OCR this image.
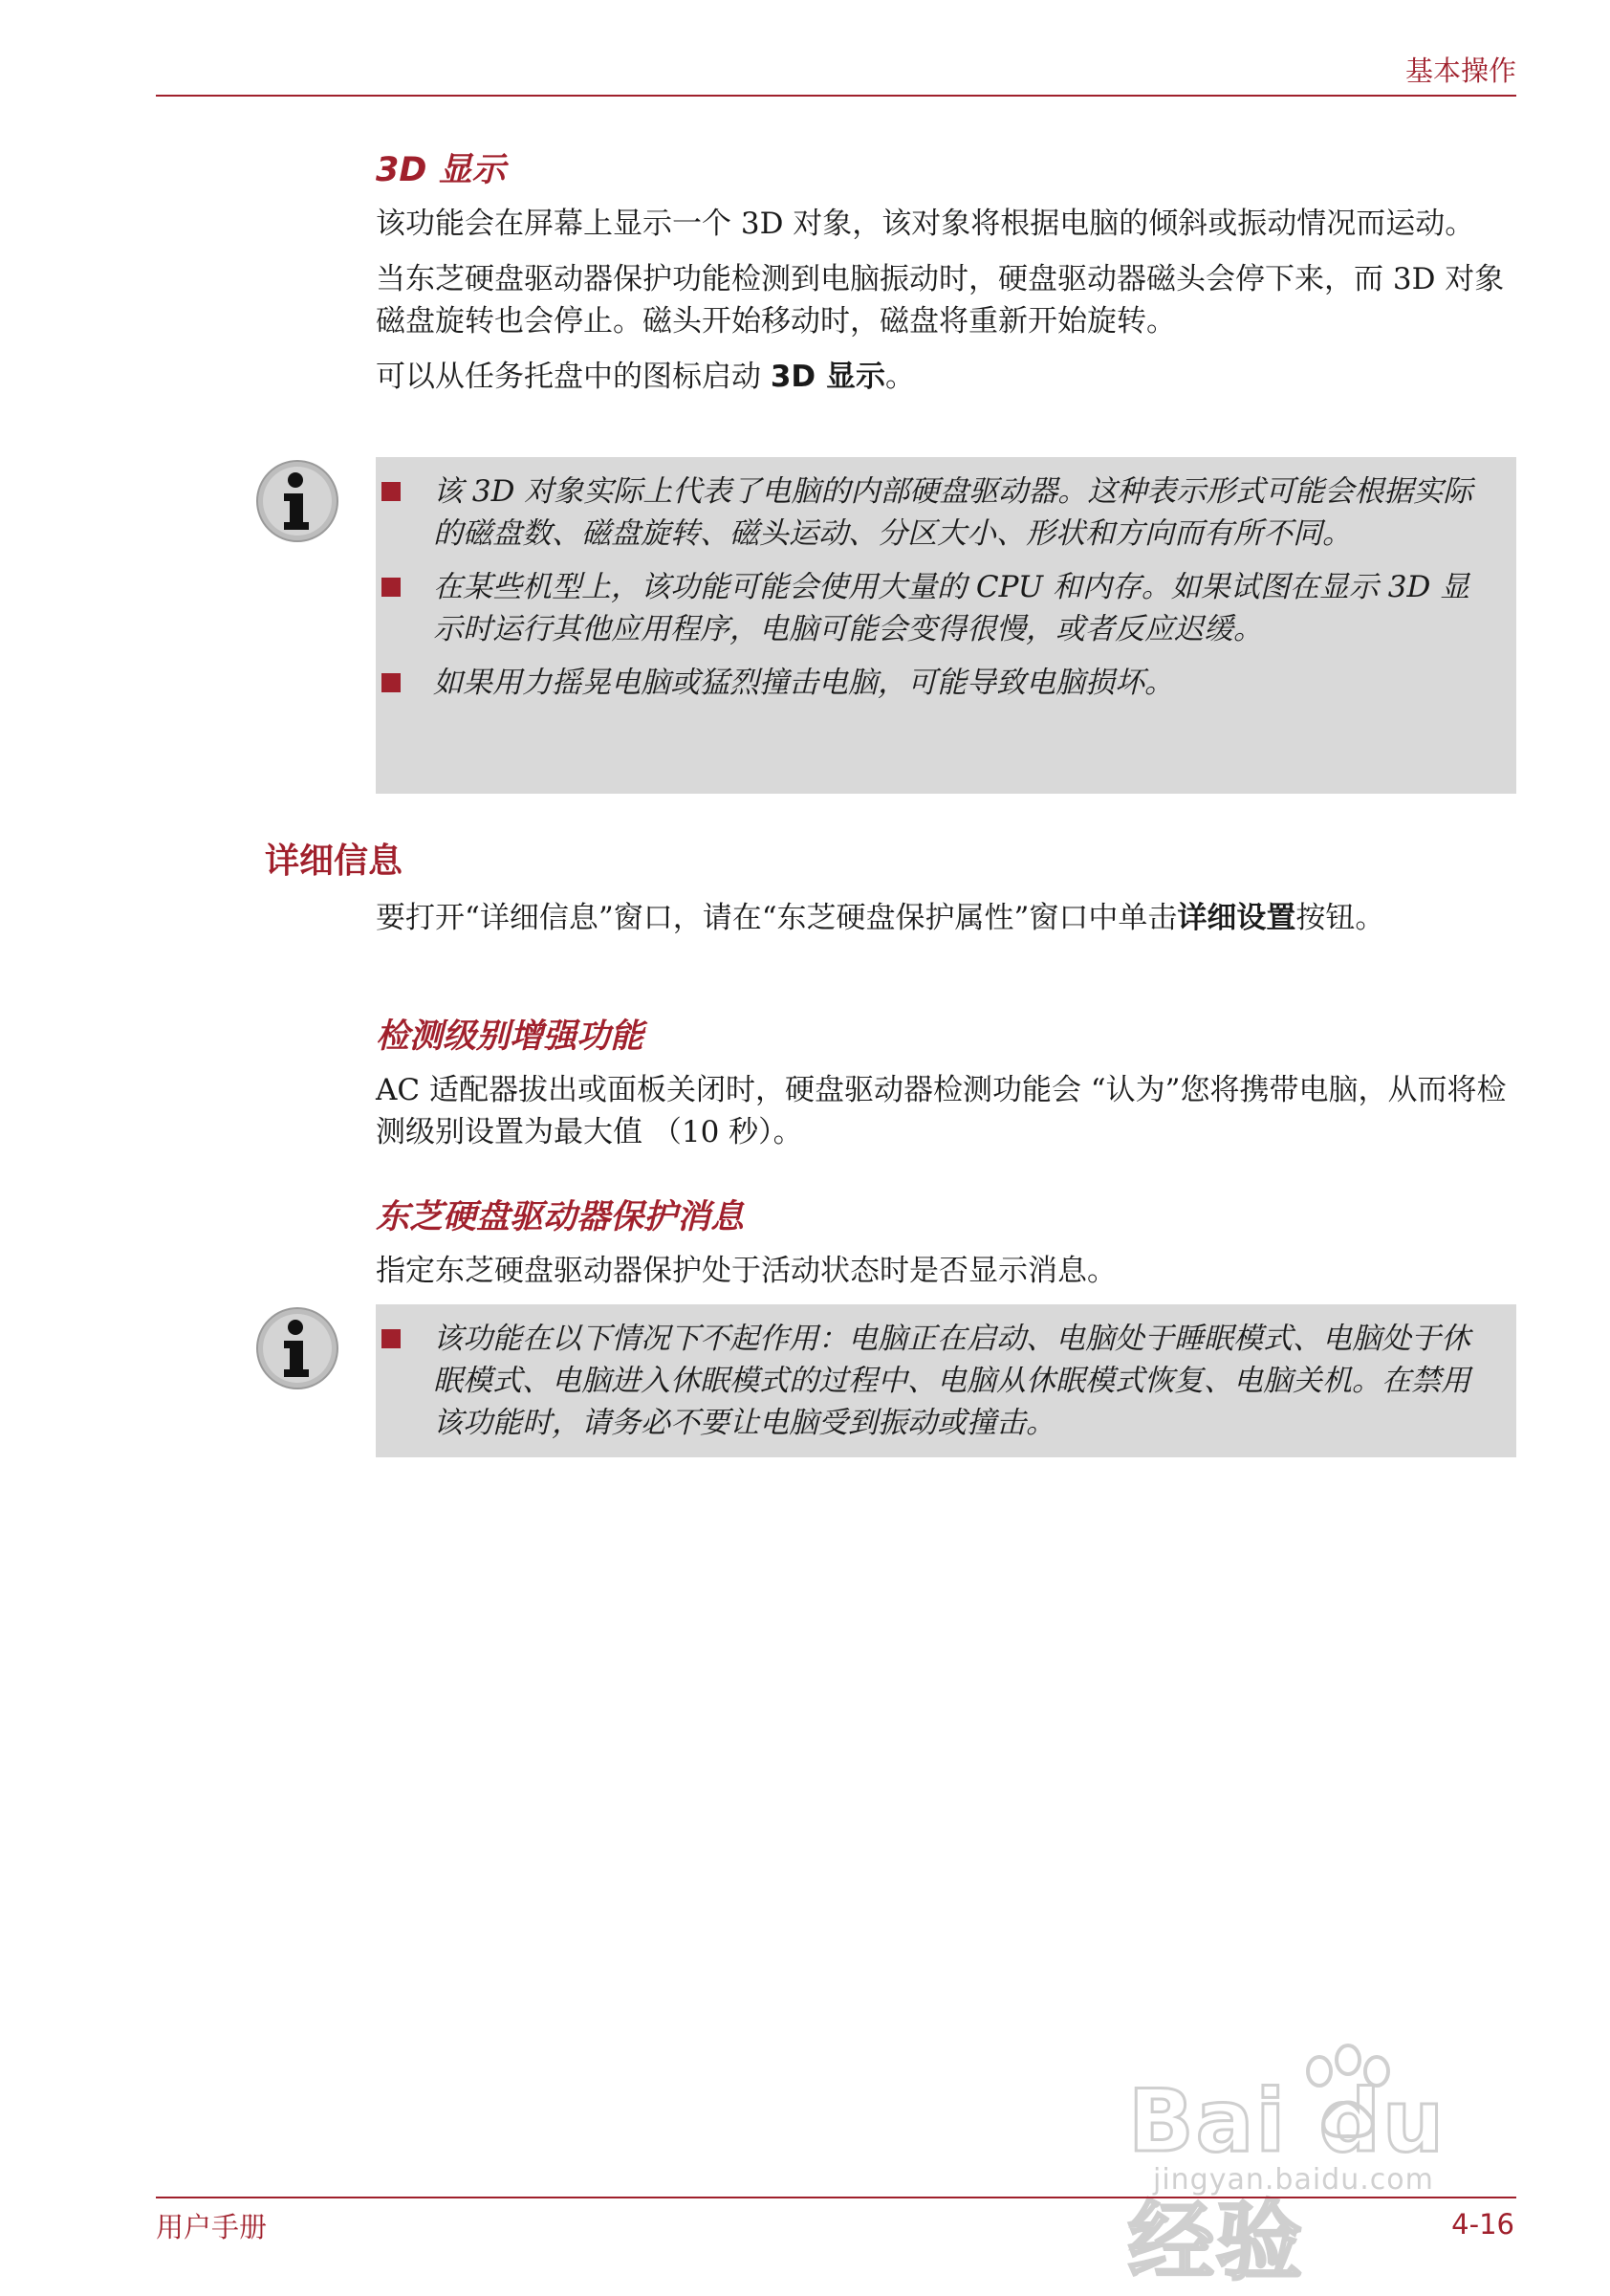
基本操作
3D 显示

该功能会在屏幕上显示一个 3D 对象，该对象将根据电脑的倾斜或振动情况而运动。

当东芝硬盘驱动器保护功能检测到电脑振动时，硬盘驱动器磁头会停下来，而 3D 对象磁盘旋转也会停止。磁头开始移动时，磁盘将重新开始旋转。

可以从任务托盘中的图标启动 3D 显示。

该 3D 对象实际上代表了电脑的内部硬盘驱动器。这种表示形式可能会根据实际的磁盘数、磁盘旋转、磁头运动、分区大小、形状和方向而有所不同。
在某些机型上，该功能可能会使用大量的 CPU 和内存。如果试图在显示 3D 显示时运行其他应用程序，电脑可能会变得很慢，或者反应迟缓。
如果用力摇晃电脑或猛烈撞击电脑，可能导致电脑损坏。
详细信息

要打开“详细信息”窗口，请在“东芝硬盘保护属性”窗口中单击详细设置按钮。

检测级别增强功能

AC 适配器拔出或面板关闭时，硬盘驱动器检测功能会 “认为”您将携带电脑，从而将检测级别设置为最大值 （10 秒）。

东芝硬盘驱动器保护消息

指定东芝硬盘驱动器保护处于活动状态时是否显示消息。

该功能在以下情况下不起作用：电脑正在启动、电脑处于睡眠模式、电脑处于休眠模式、电脑进入休眠模式的过程中、电脑从休眠模式恢复、电脑关机。在禁用该功能时，请务必不要让电脑受到振动或撞击。
Bai du 经验
jingyan.baidu.com
用户手册	4-16
